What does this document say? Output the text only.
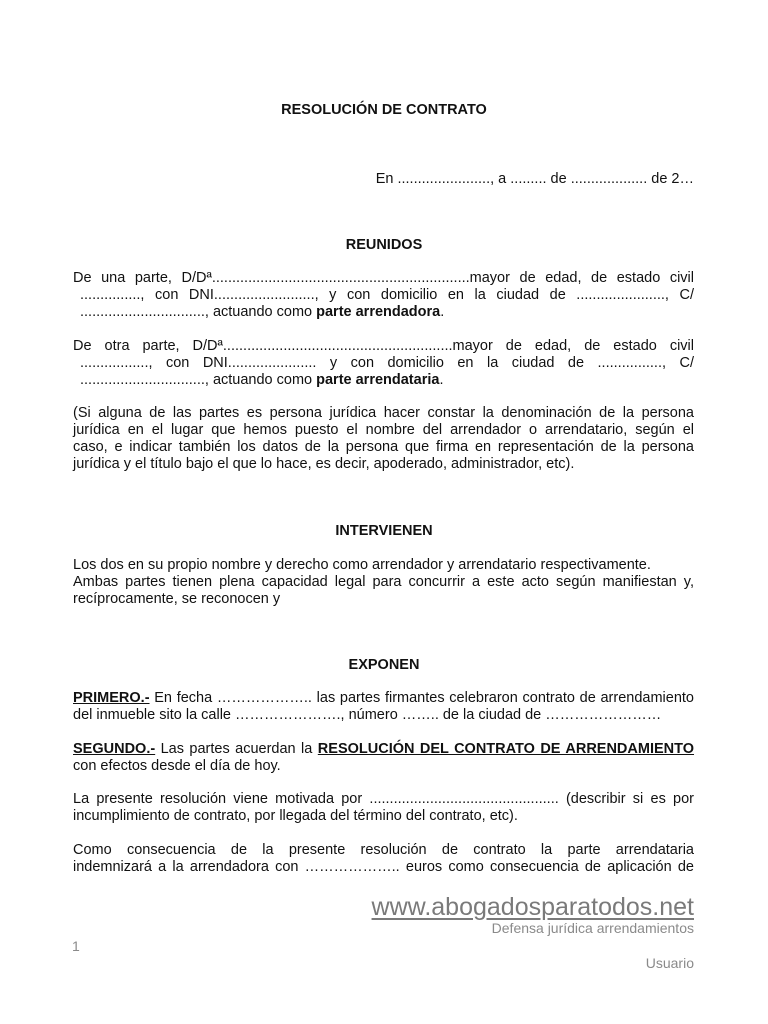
RESOLUCIÓN DE CONTRATO

En ......................., a ......... de ................... de 2…

REUNIDOS

De una parte, D/Dª................................................................mayor de edad, de estado civil

..............., con DNI........................., y con domicilio en la ciudad de ......................, C/

..............................., actuando como parte arrendadora.

De otra parte, D/Dª.........................................................mayor de edad, de estado civil

................., con DNI...................... y con domicilio en la ciudad de ................, C/

..............................., actuando como parte arrendataria.

(Si alguna de las partes es persona jurídica hacer constar la denominación de la persona

jurídica en el lugar que hemos puesto el nombre del arrendador o arrendatario, según el

caso, e indicar también los datos de la persona que firma en representación de la persona

jurídica y el título bajo el que lo hace, es decir, apoderado, administrador, etc).

INTERVIENEN

Los dos en su propio nombre y derecho como arrendador y arrendatario respectivamente.

Ambas partes tienen plena capacidad legal para concurrir a este acto según manifiestan y,

recíprocamente, se reconocen y

EXPONEN

PRIMERO.- En fecha ……………….. las partes firmantes celebraron contrato de arrendamiento

del inmueble sito la calle …………………., número …….. de la ciudad de ……………………

SEGUNDO.- Las partes acuerdan la RESOLUCIÓN DEL CONTRATO DE ARRENDAMIENTO

con efectos desde el día de hoy.

La presente resolución viene motivada por ............................................... (describir si es por

incumplimiento de contrato, por llegada del término del contrato, etc).

Como consecuencia de la presente resolución de contrato la parte arrendataria

indemnizará a la arrendadora con ……………….. euros como consecuencia de aplicación de

www.abogadosparatodos.net
Defensa jurídica arrendamientos
1
Usuario
